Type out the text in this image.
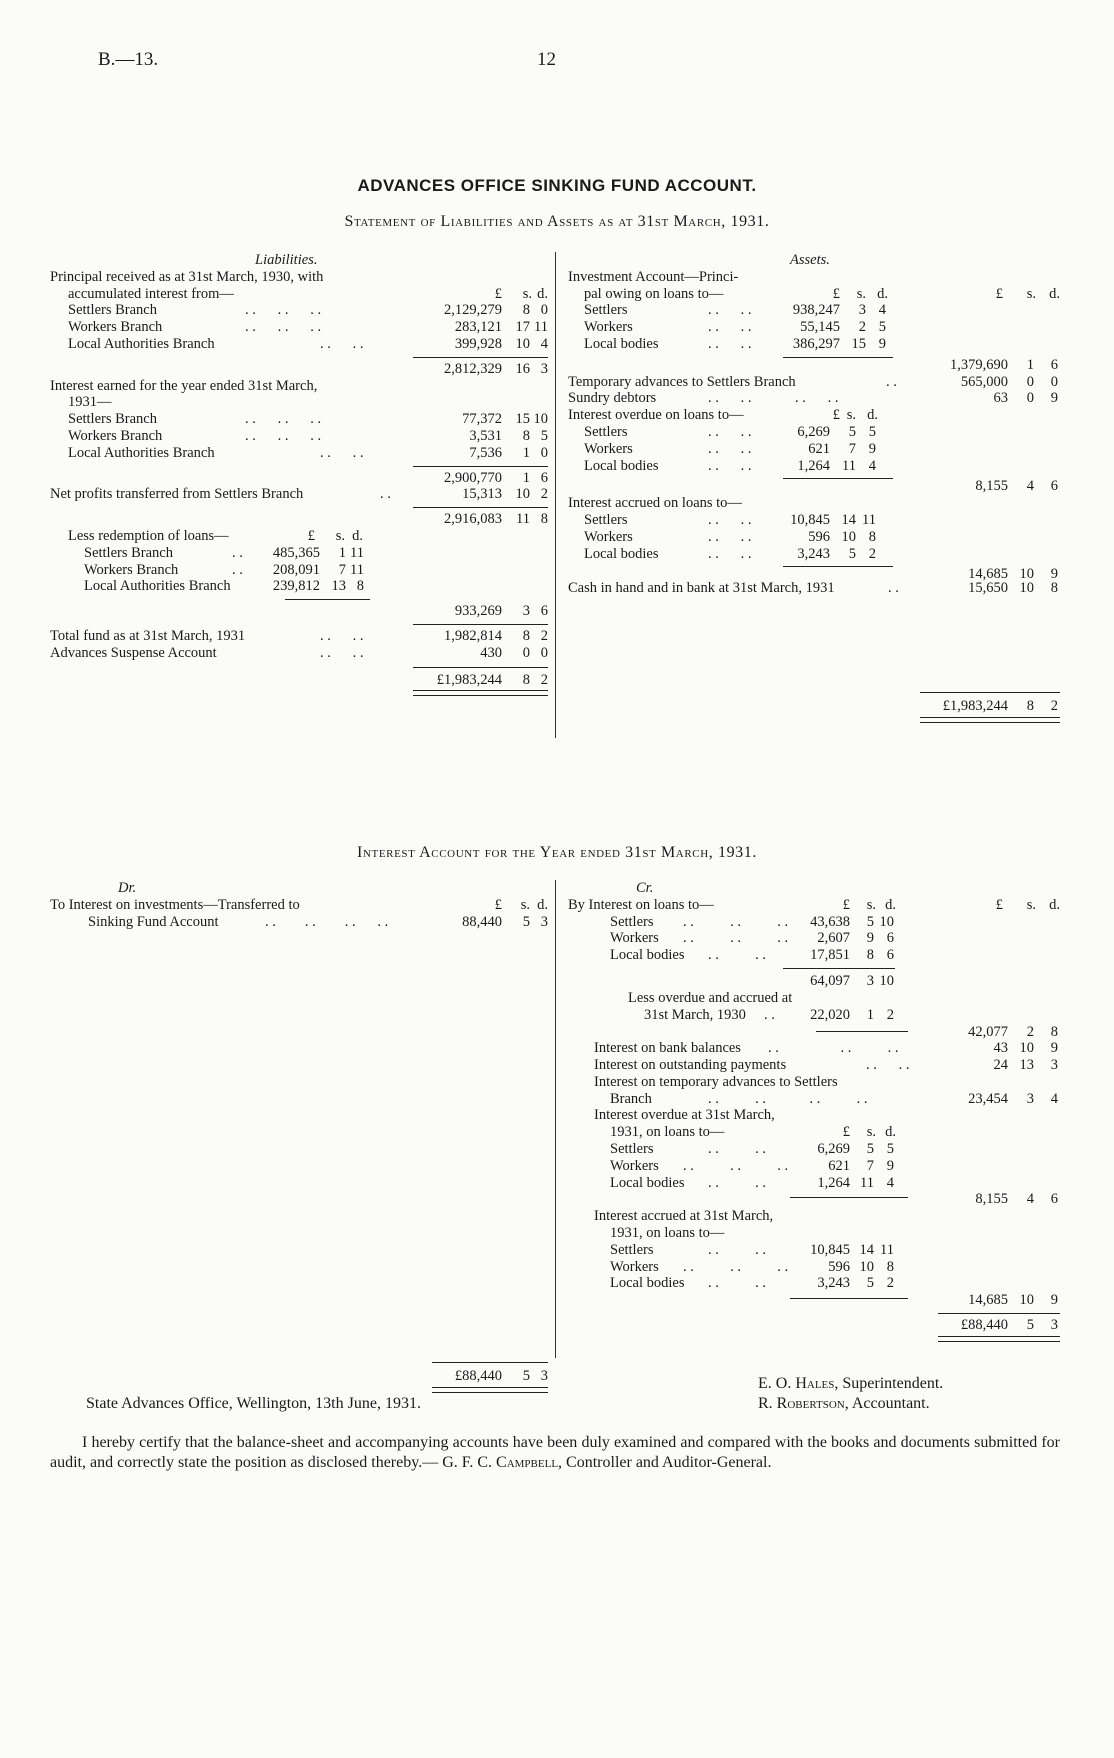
B.—13.	12
ADVANCES OFFICE SINKING FUND ACCOUNT.
Statement of Liabilities and Assets as at 31st March, 1931.
Liabilities.
Principal received as at 31st March, 1930, with
accumulated interest from—	£	s. d.
Settlers Branch	. .      . .      . .	2,129,279	8 0
Workers Branch	. .      . .      . .	283,121 17 11
Local Authorities Branch	. .      . .	399,928 10 4
2,812,329 16 3
Interest earned for the year ended 31st March,
1931—
Settlers Branch	. .      . .      . .	77,372 15 10
Workers Branch	. .      . .      . .	3,531	8 5
Local Authorities Branch	. .      . .	7,536	1 0
2,900,770	1 6
Net profits transferred from Settlers Branch	. .	15,313 10 2
2,916,083 11 8
Less redemption of loans—	£	s. d.
Settlers Branch	. .	485,365	1 11
Workers Branch	. .	208,091	7 11
Local Authorities Branch	239,812 13 8
933,269	3 6
Total fund as at 31st March, 1931	. .      . .	1,982,814	8 2
Advances Suspense Account	. .      . .	430	0 0
£1,983,244	8 2
Assets.
Investment Account—Princi-
pal owing on loans to—	£	s. d.	£	s. d.
Settlers	. .      . .	938,247	3 4
Workers	. .      . .	55,145	2 5
Local bodies	. .      . .	386,297 15 9
1,379,690	1	6
Temporary advances to Settlers Branch	. .	565,000	0	0
Sundry debtors	. .      . .            . .      . .	63	0	9
Interest overdue on loans to—	£ s. d.
Settlers	. .      . .	6,269	5 5
Workers	. .      . .	621	7 9
Local bodies	. .      . .	1,264 11 4
8,155	4	6
Interest accrued on loans to—
Settlers	. .      . .	10,845 14 11
Workers	. .      . .	596 10 8
Local bodies	. .      . .	3,243	5 2
14,685 10	9
Cash in hand and in bank at 31st March, 1931	. .	15,650 10	8
£1,983,244	8	2
Interest Account for the Year ended 31st March, 1931.
Dr.
To Interest on investments—Transferred to	£	s. d.
Sinking Fund Account	. .        . .        . .      . .	88,440	5 3
£88,440	5 3
Cr.
By Interest on loans to—	£	s. d.	£	s. d.
Settlers . .          . .          . .	43,638	5 10
Workers . .          . .          . .	2,607	9 6
Local bodies . .          . .	17,851	8 6
64,097	3 10
Less overdue and accrued at
31st March, 1930 . .	22,020	1 2
42,077	2	8
Interest on bank balances . .                 . .          . .	43 10	9
Interest on outstanding payments	. .      . .	24 13	3
Interest on temporary advances to Settlers
Branch	. .          . .            . .          . .	23,454	3	4
Interest overdue at 31st March,
1931, on loans to—	£	s. d.
Settlers	. .          . .	6,269	5 5
Workers . .          . .          . .	621	7 9
Local bodies . .          . .	1,264 11 4
8,155	4	6
Interest accrued at 31st March,
1931, on loans to—
Settlers	. .          . .	10,845 14 11
Workers . .          . .          . .	596 10 8
Local bodies . .          . .	3,243	5 2
14,685 10	9
£88,440	5	3
E. O. Hales, Superintendent.
State Advances Office, Wellington, 13th June, 1931.	R. Robertson, Accountant.
I hereby certify that the balance-sheet and accompanying accounts have been duly examined and compared with the books and documents submitted for audit, and correctly state the position as disclosed thereby.— G. F. C. Campbell, Controller and Auditor-General.
